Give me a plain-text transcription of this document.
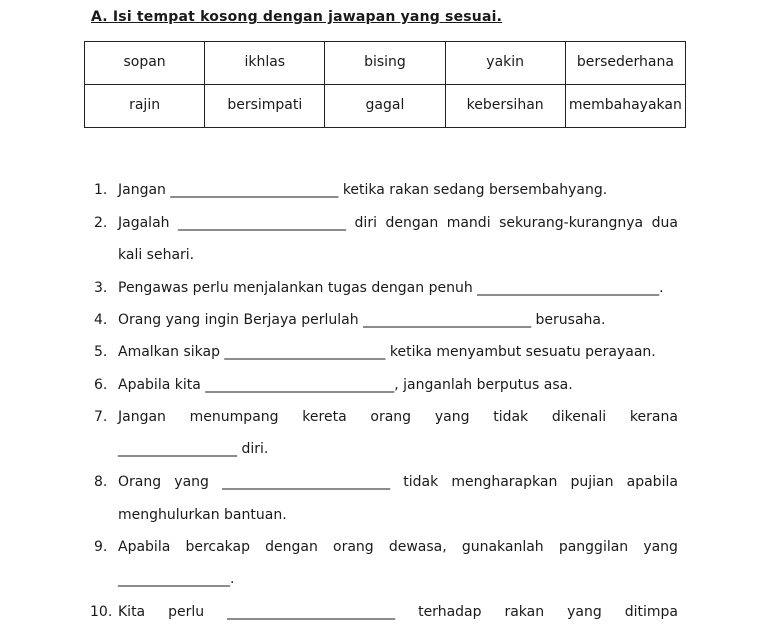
A. Isi tempat kosong dengan jawapan yang sesuai.
sopan	ikhlas	bising	yakin	bersederhana
rajin	bersimpati	gagal	kebersihan	membahayakan
1. Jangan ________________________ ketika rakan sedang bersembahyang.
2. Jagalah ________________________ diri dengan mandi sekurang-kurangnya dua
kali sehari.
3. Pengawas perlu menjalankan tugas dengan penuh __________________________.
4. Orang yang ingin Berjaya perlulah ________________________ berusaha.
5. Amalkan sikap _______________________ ketika menyambut sesuatu perayaan.
6. Apabila kita ___________________________, janganlah berputus asa.
7. Jangan menumpang kereta orang yang tidak dikenali kerana
_________________ diri.
8. Orang yang ________________________ tidak mengharapkan pujian apabila
menghulurkan bantuan.
9. Apabila bercakap dengan orang dewasa, gunakanlah panggilan yang
________________.
10. Kita perlu ________________________ terhadap rakan yang ditimpa
